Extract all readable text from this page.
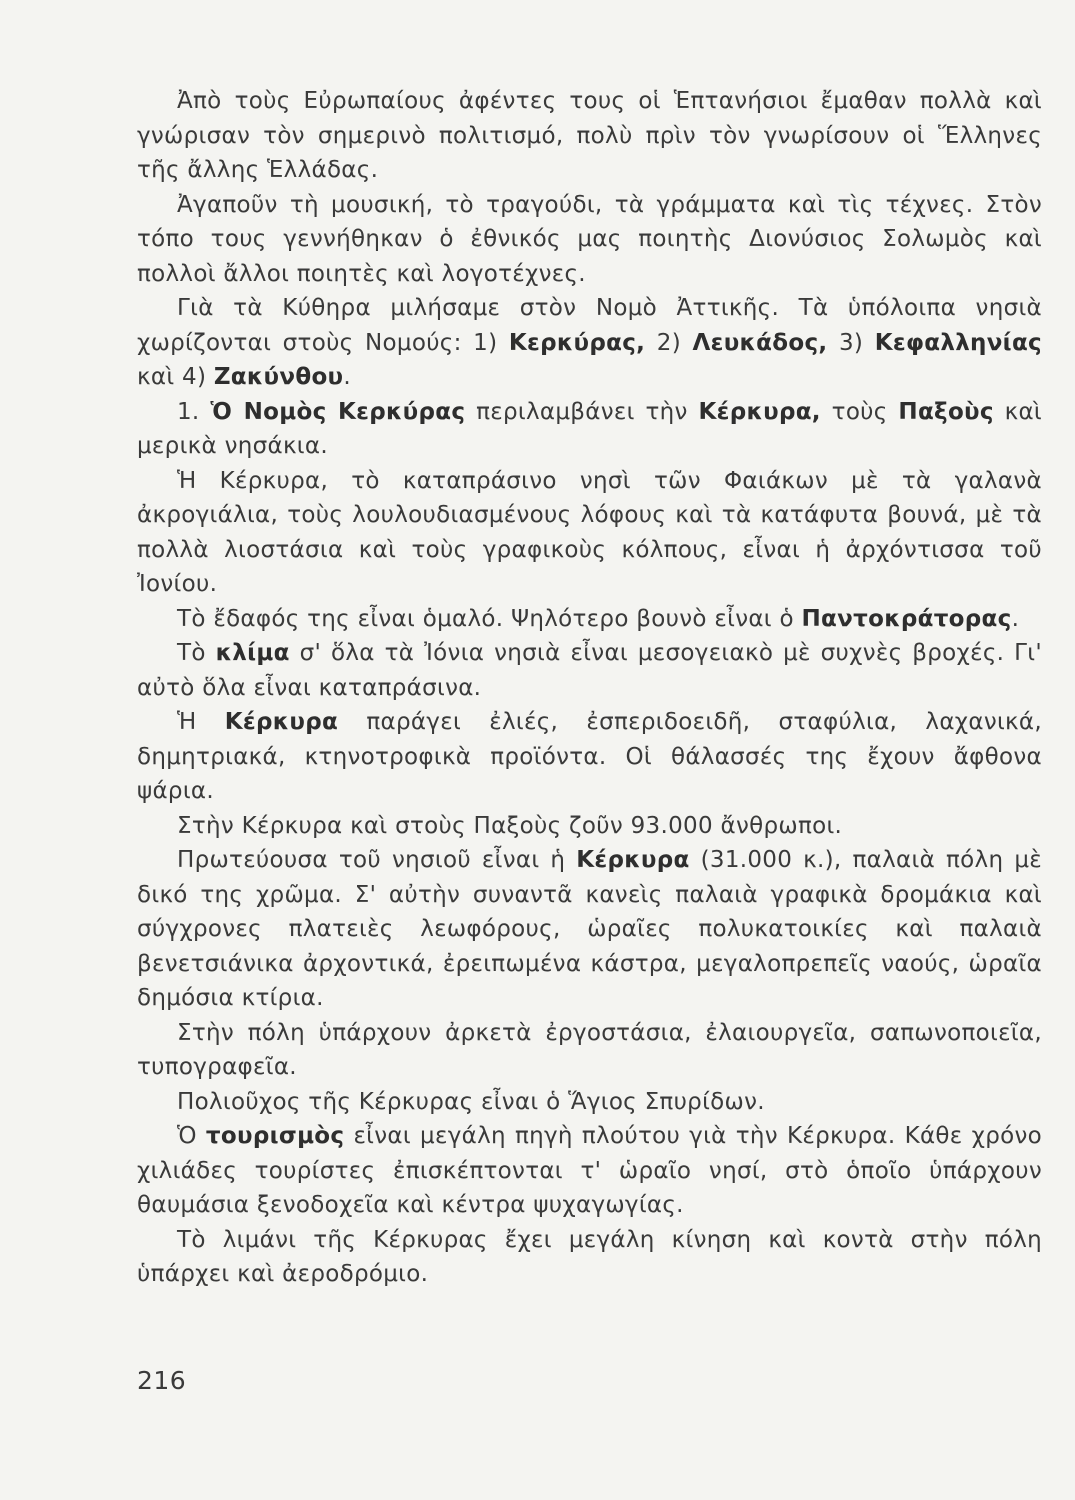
Ἀπὸ τοὺς Εὐρωπαίους ἀφέντες τους οἱ Ἑπτανήσιοι ἔμαθαν πολλὰ καὶ γνώρισαν τὸν σημερινὸ πολιτισμό, πολὺ πρὶν τὸν γνωρίσουν οἱ Ἕλληνες τῆς ἄλλης Ἑλλάδας.

Ἀγαποῦν τὴ μουσική, τὸ τραγούδι, τὰ γράμματα καὶ τὶς τέχνες. Στὸν τόπο τους γεννήθηκαν ὁ ἐθνικός μας ποιητὴς Διονύσιος Σολωμὸς καὶ πολλοὶ ἄλλοι ποιητὲς καὶ λογοτέχνες.

Γιὰ τὰ Κύθηρα μιλήσαμε στὸν Νομὸ Ἀττικῆς. Τὰ ὑπόλοιπα νησιὰ χωρίζονται στοὺς Νομούς: 1) Κερκύρας, 2) Λευκάδος, 3) Κεφαλληνίας καὶ 4) Ζακύνθου.

1. Ὁ Νομὸς Κερκύρας περιλαμβάνει τὴν Κέρκυρα, τοὺς Παξοὺς καὶ μερικὰ νησάκια.

Ἡ Κέρκυρα, τὸ καταπράσινο νησὶ τῶν Φαιάκων μὲ τὰ γαλανὰ ἀκρογιάλια, τοὺς λουλουδιασμένους λόφους καὶ τὰ κατάφυτα βουνά, μὲ τὰ πολλὰ λιοστάσια καὶ τοὺς γραφικοὺς κόλπους, εἶναι ἡ ἀρχόντισσα τοῦ Ἰονίου.

Τὸ ἔδαφός της εἶναι ὁμαλό. Ψηλότερο βουνὸ εἶναι ὁ Παντοκράτορας.

Τὸ κλίμα σ' ὅλα τὰ Ἰόνια νησιὰ εἶναι μεσογειακὸ μὲ συχνὲς βροχές. Γι' αὐτὸ ὅλα εἶναι καταπράσινα.

Ἡ Κέρκυρα παράγει ἐλιές, ἐσπεριδοειδῆ, σταφύλια, λαχανικά, δημητριακά, κτηνοτροφικὰ προϊόντα. Οἱ θάλασσές της ἔχουν ἄφθονα ψάρια.

Στὴν Κέρκυρα καὶ στοὺς Παξοὺς ζοῦν 93.000 ἄνθρωποι.

Πρωτεύουσα τοῦ νησιοῦ εἶναι ἡ Κέρκυρα (31.000 κ.), παλαιὰ πόλη μὲ δικό της χρῶμα. Σ' αὐτὴν συναντᾶ κανεὶς παλαιὰ γραφικὰ δρομάκια καὶ σύγχρονες πλατειὲς λεωφόρους, ὡραῖες πολυκατοικίες καὶ παλαιὰ βενετσιάνικα ἀρχοντικά, ἐρειπωμένα κάστρα, μεγαλοπρεπεῖς ναούς, ὡραῖα δημόσια κτίρια.

Στὴν πόλη ὑπάρχουν ἀρκετὰ ἐργοστάσια, ἐλαιουργεῖα, σαπωνοποιεῖα, τυπογραφεῖα.

Πολιοῦχος τῆς Κέρκυρας εἶναι ὁ Ἅγιος Σπυρίδων.

Ὁ τουρισμὸς εἶναι μεγάλη πηγὴ πλούτου γιὰ τὴν Κέρκυρα. Κάθε χρόνο χιλιάδες τουρίστες ἐπισκέπτονται τ' ὡραῖο νησί, στὸ ὁποῖο ὑπάρχουν θαυμάσια ξενοδοχεῖα καὶ κέντρα ψυχαγωγίας.

Τὸ λιμάνι τῆς Κέρκυρας ἔχει μεγάλη κίνηση καὶ κοντὰ στὴν πόλη ὑπάρχει καὶ ἀεροδρόμιο.

216
